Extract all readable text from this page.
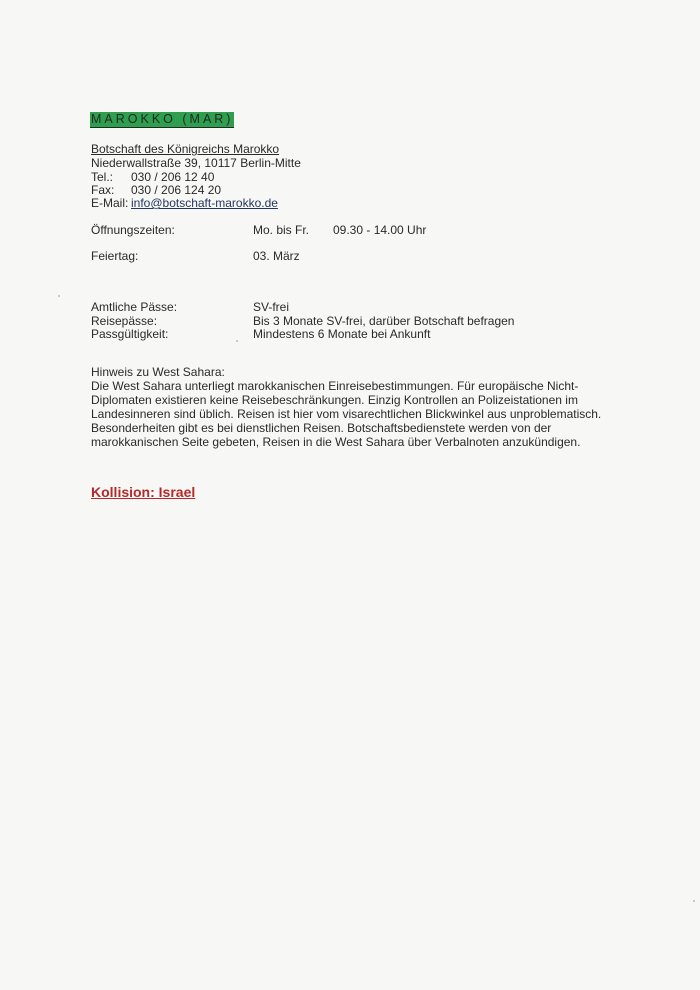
MAROKKO (MAR)
Botschaft des Königreichs Marokko
Niederwallstraße 39, 10117 Berlin-Mitte
Tel.: 030 / 206 12 40
Fax: 030 / 206 124 20
E-Mail: info@botschaft-marokko.de
Öffnungszeiten:	Mo. bis Fr. 09.30 - 14.00 Uhr
Feiertag:	03. März
Amtliche Pässe:	SV-frei
Reisepässe:	Bis 3 Monate SV-frei, darüber Botschaft befragen
Passgültigkeit:	Mindestens 6 Monate bei Ankunft
Hinweis zu West Sahara:
Die West Sahara unterliegt marokkanischen Einreisebestimmungen. Für europäische Nicht-
Diplomaten existieren keine Reisebeschränkungen. Einzig Kontrollen an Polizeistationen im
Landesinneren sind üblich. Reisen ist hier vom visarechtlichen Blickwinkel aus unproblematisch.
Besonderheiten gibt es bei dienstlichen Reisen. Botschaftsbedienstete werden von der
marokkanischen Seite gebeten, Reisen in die West Sahara über Verbalnoten anzukündigen.
Kollision: Israel
